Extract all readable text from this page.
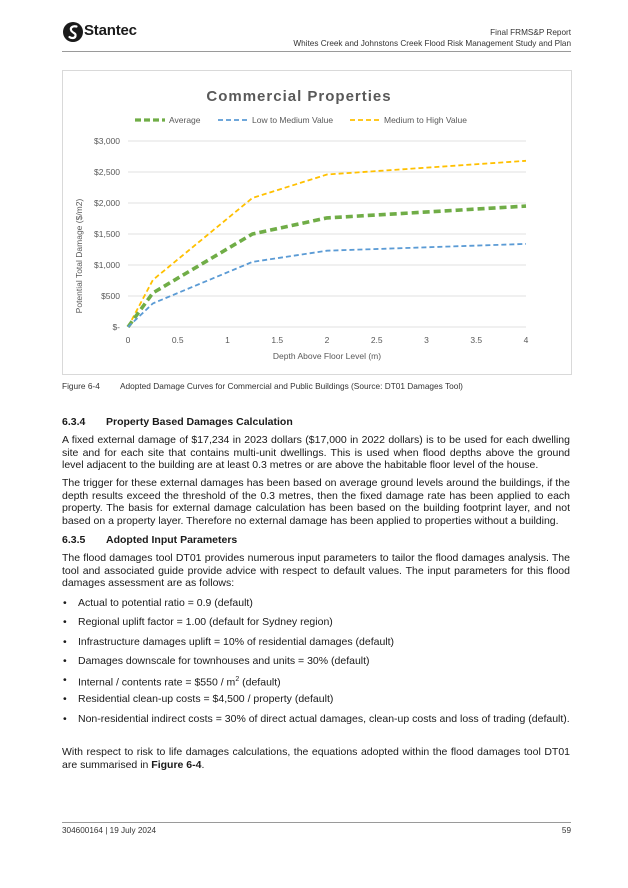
Stantec	Final FRMS&P Report
Whites Creek and Johnstons Creek Flood Risk Management Study and Plan
Commercial Properties
Average	Low to Medium Value	Medium to High Value
$-
$500
$1,000
$1,500
$2,000
$2,500
$3,000
0	0.5	1	1.5	2	2.5	3	3.5	4
Depth Above Floor Level (m)
Potential Total Damage ($/m2)
Figure 6-4 Adopted Damage Curves for Commercial and Public Buildings (Source: DT01 Damages Tool)
6.3.4 Property Based Damages Calculation
A fixed external damage of $17,234 in 2023 dollars ($17,000 in 2022 dollars) is to be used for each dwelling site and for each site that contains multi-unit dwellings. This is used when flood depths above the ground level adjacent to the building are at least 0.3 metres or are above the habitable floor level of the house.
The trigger for these external damages has been based on average ground levels around the buildings, if the depth results exceed the threshold of the 0.3 metres, then the fixed damage rate has been applied to each property. The basis for external damage calculation has been based on the building footprint layer, and not based on a property layer. Therefore no external damage has been applied to properties without a building.
6.3.5 Adopted Input Parameters
The flood damages tool DT01 provides numerous input parameters to tailor the flood damages analysis. The tool and associated guide provide advice with respect to default values. The input parameters for this flood damages assessment are as follows:
• Actual to potential ratio = 0.9 (default)
• Regional uplift factor = 1.00 (default for Sydney region)
• Infrastructure damages uplift = 10% of residential damages (default)
• Damages downscale for townhouses and units = 30% (default)
• Internal / contents rate = $550 / $m^2$ (default)
• Residential clean-up costs = $4,500 / property (default)
• Non-residential indirect costs = 30% of direct actual damages, clean-up costs and loss of trading (default).
With respect to risk to life damages calculations, the equations adopted within the flood damages tool DT01 are summarised in Figure 6-4.
304600164 | 19 July 2024	59
